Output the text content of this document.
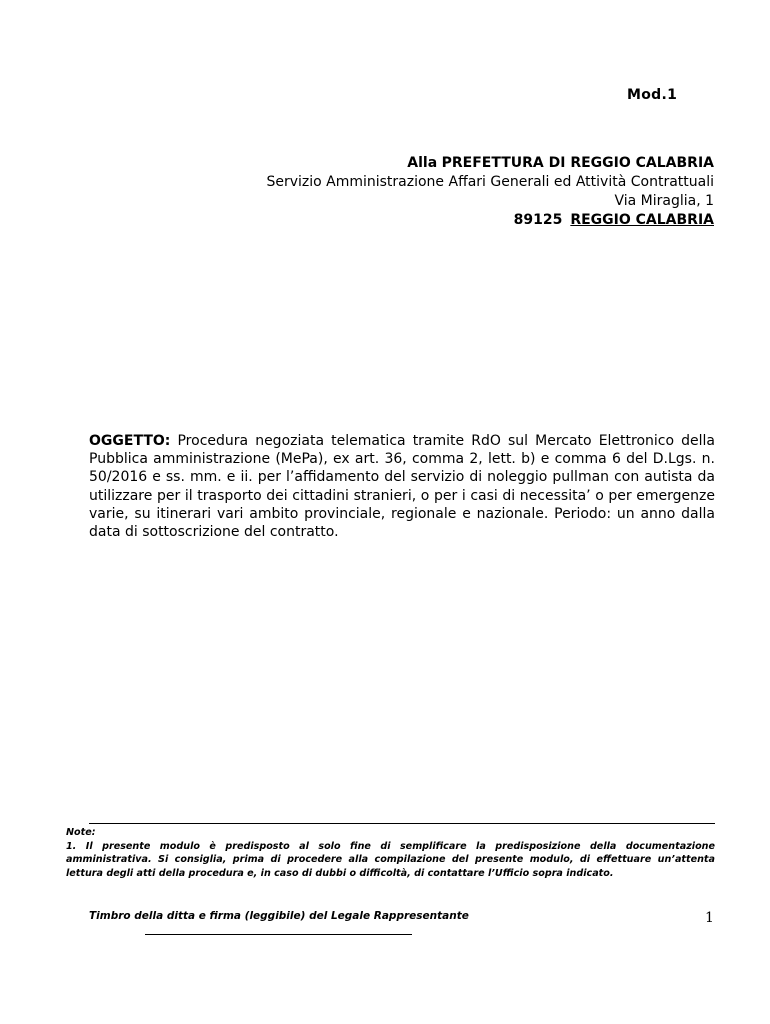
Mod.1
Alla PREFETTURA DI REGGIO CALABRIA
Servizio Amministrazione Affari Generali ed Attività Contrattuali
Via Miraglia, 1
89125 REGGIO CALABRIA
OGGETTO: Procedura negoziata telematica tramite RdO sul Mercato Elettronico della Pubblica amministrazione (MePa), ex art. 36, comma 2, lett. b) e comma 6 del D.Lgs. n. 50/2016 e ss. mm. e ii. per l’affidamento del servizio di noleggio pullman con autista da utilizzare per il trasporto dei cittadini stranieri, o per i casi di necessita’ o per emergenze varie, su itinerari vari ambito provinciale, regionale e nazionale. Periodo: un anno dalla data di sottoscrizione del contratto.
Note:
1. Il presente modulo è predisposto al solo fine di semplificare la predisposizione della documentazione amministrativa. Si consiglia, prima di procedere alla compilazione del presente modulo, di effettuare un’attenta lettura degli atti della procedura e, in caso di dubbi o difficoltà, di contattare l’Ufficio sopra indicato.
Timbro della ditta e firma (leggibile) del Legale Rappresentante	1
